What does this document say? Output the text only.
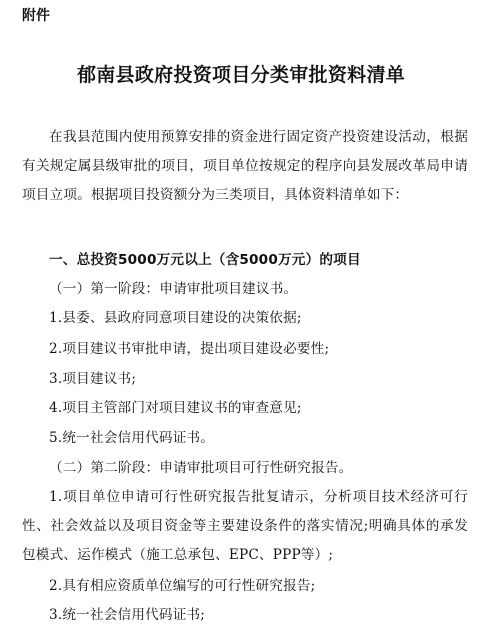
附件
郁南县政府投资项目分类审批资料清单
在我县范围内使用预算安排的资金进行固定资产投资建设活动，根据有关规定属县级审批的项目，项目单位按规定的程序向县发展改革局申请项目立项。根据项目投资额分为三类项目，具体资料清单如下：
一、总投资5000万元以上（含5000万元）的项目
（一）第一阶段：申请审批项目建议书。
1.县委、县政府同意项目建设的决策依据;
2.项目建议书审批申请，提出项目建设必要性;
3.项目建议书;
4.项目主管部门对项目建议书的审查意见;
5.统一社会信用代码证书。
（二）第二阶段：申请审批项目可行性研究报告。
1.项目单位申请可行性研究报告批复请示，分析项目技术经济可行性、社会效益以及项目资金等主要建设条件的落实情况;明确具体的承发包模式、运作模式（施工总承包、EPC、PPP等）;
2.具有相应资质单位编写的可行性研究报告;
3.统一社会信用代码证书;
